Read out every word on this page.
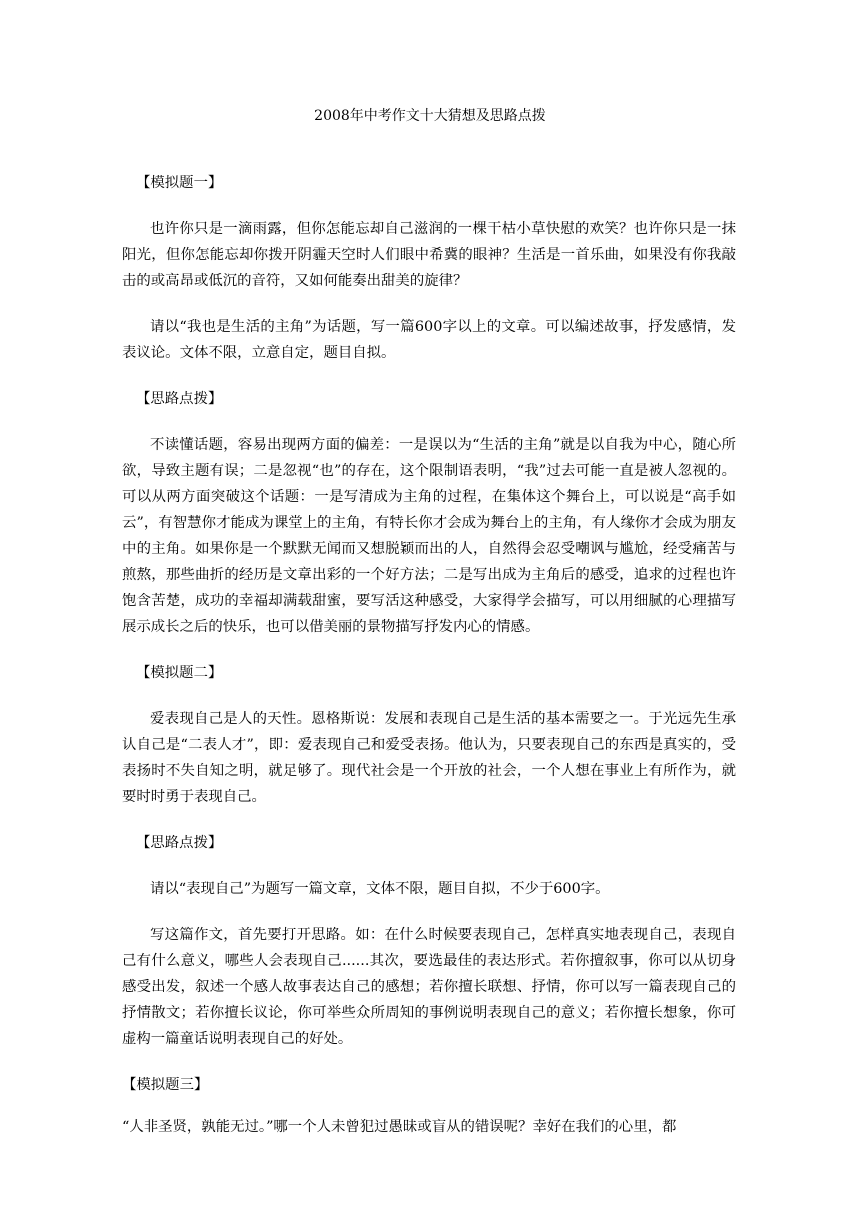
2008年中考作文十大猜想及思路点拨
【模拟题一】

也许你只是一滴雨露，但你怎能忘却自己滋润的一棵干枯小草快慰的欢笑？也许你只是一抹阳光，但你怎能忘却你拨开阴霾天空时人们眼中希冀的眼神？生活是一首乐曲，如果没有你我敲击的或高昂或低沉的音符，又如何能奏出甜美的旋律？

请以“我也是生活的主角”为话题，写一篇600字以上的文章。可以编述故事，抒发感情，发表议论。文体不限，立意自定，题目自拟。

【思路点拨】

不读懂话题，容易出现两方面的偏差：一是误以为“生活的主角”就是以自我为中心，随心所欲，导致主题有误；二是忽视“也”的存在，这个限制语表明，“我”过去可能一直是被人忽视的。可以从两方面突破这个话题：一是写清成为主角的过程，在集体这个舞台上，可以说是“高手如云”，有智慧你才能成为课堂上的主角，有特长你才会成为舞台上的主角，有人缘你才会成为朋友中的主角。如果你是一个默默无闻而又想脱颖而出的人，自然得会忍受嘲讽与尴尬，经受痛苦与煎熬，那些曲折的经历是文章出彩的一个好方法；二是写出成为主角后的感受，追求的过程也许饱含苦楚，成功的幸福却满载甜蜜，要写活这种感受，大家得学会描写，可以用细腻的心理描写展示成长之后的快乐，也可以借美丽的景物描写抒发内心的情感。

【模拟题二】

爱表现自己是人的天性。恩格斯说：发展和表现自己是生活的基本需要之一。于光远先生承认自己是“二表人才”，即：爱表现自己和爱受表扬。他认为，只要表现自己的东西是真实的，受表扬时不失自知之明，就足够了。现代社会是一个开放的社会，一个人想在事业上有所作为，就要时时勇于表现自己。

【思路点拨】

请以“表现自己”为题写一篇文章，文体不限，题目自拟，不少于600字。

写这篇作文，首先要打开思路。如：在什么时候要表现自己，怎样真实地表现自己，表现自己有什么意义，哪些人会表现自己......其次，要选最佳的表达形式。若你擅叙事，你可以从切身感受出发，叙述一个感人故事表达自己的感想；若你擅长联想、抒情，你可以写一篇表现自己的抒情散文；若你擅长议论，你可举些众所周知的事例说明表现自己的意义；若你擅长想象，你可虚构一篇童话说明表现自己的好处。

【模拟题三】

“人非圣贤，孰能无过。”哪一个人未曾犯过愚昧或盲从的错误呢？幸好在我们的心里，都
